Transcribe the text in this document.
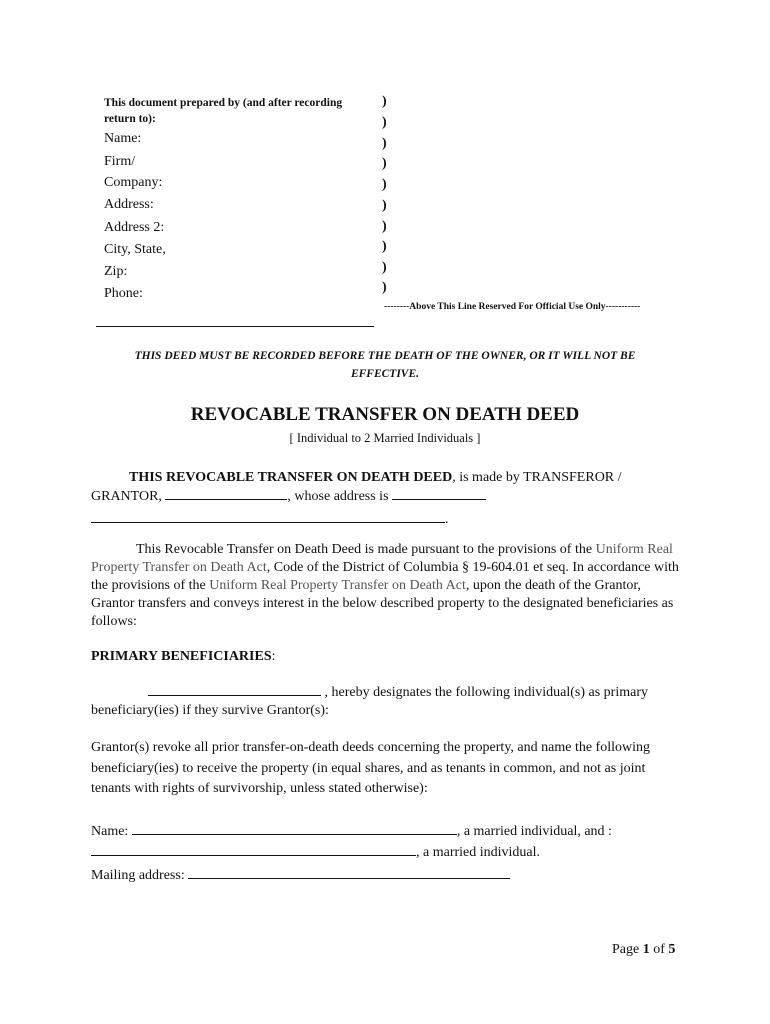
This document prepared by (and after recording return to):
Name:
Firm/
Company:
Address:
Address 2:
City, State,
Zip:
Phone:
)
)
)
)
)
)
)
)
)
)
--------Above This Line Reserved For Official Use Only-----------
THIS DEED MUST BE RECORDED BEFORE THE DEATH OF THE OWNER, OR IT WILL NOT BE EFFECTIVE.
REVOCABLE TRANSFER ON DEATH DEED
[ Individual to 2 Married Individuals ]
THIS REVOCABLE TRANSFER ON DEATH DEED, is made by TRANSFEROR / GRANTOR,	, whose address is
.
This Revocable Transfer on Death Deed is made pursuant to the provisions of the Uniform Real Property Transfer on Death Act, Code of the District of Columbia § 19-604.01 et seq. In accordance with the provisions of the Uniform Real Property Transfer on Death Act, upon the death of the Grantor, Grantor transfers and conveys interest in the below described property to the designated beneficiaries as follows:
PRIMARY BENEFICIARIES:
, hereby designates the following individual(s) as primary beneficiary(ies) if they survive Grantor(s):
Grantor(s) revoke all prior transfer-on-death deeds concerning the property, and name the following beneficiary(ies) to receive the property (in equal shares, and as tenants in common, and not as joint tenants with rights of survivorship, unless stated otherwise):
Name:	, a married individual, and :
, a married individual.
Mailing address:
Page 1 of 5
